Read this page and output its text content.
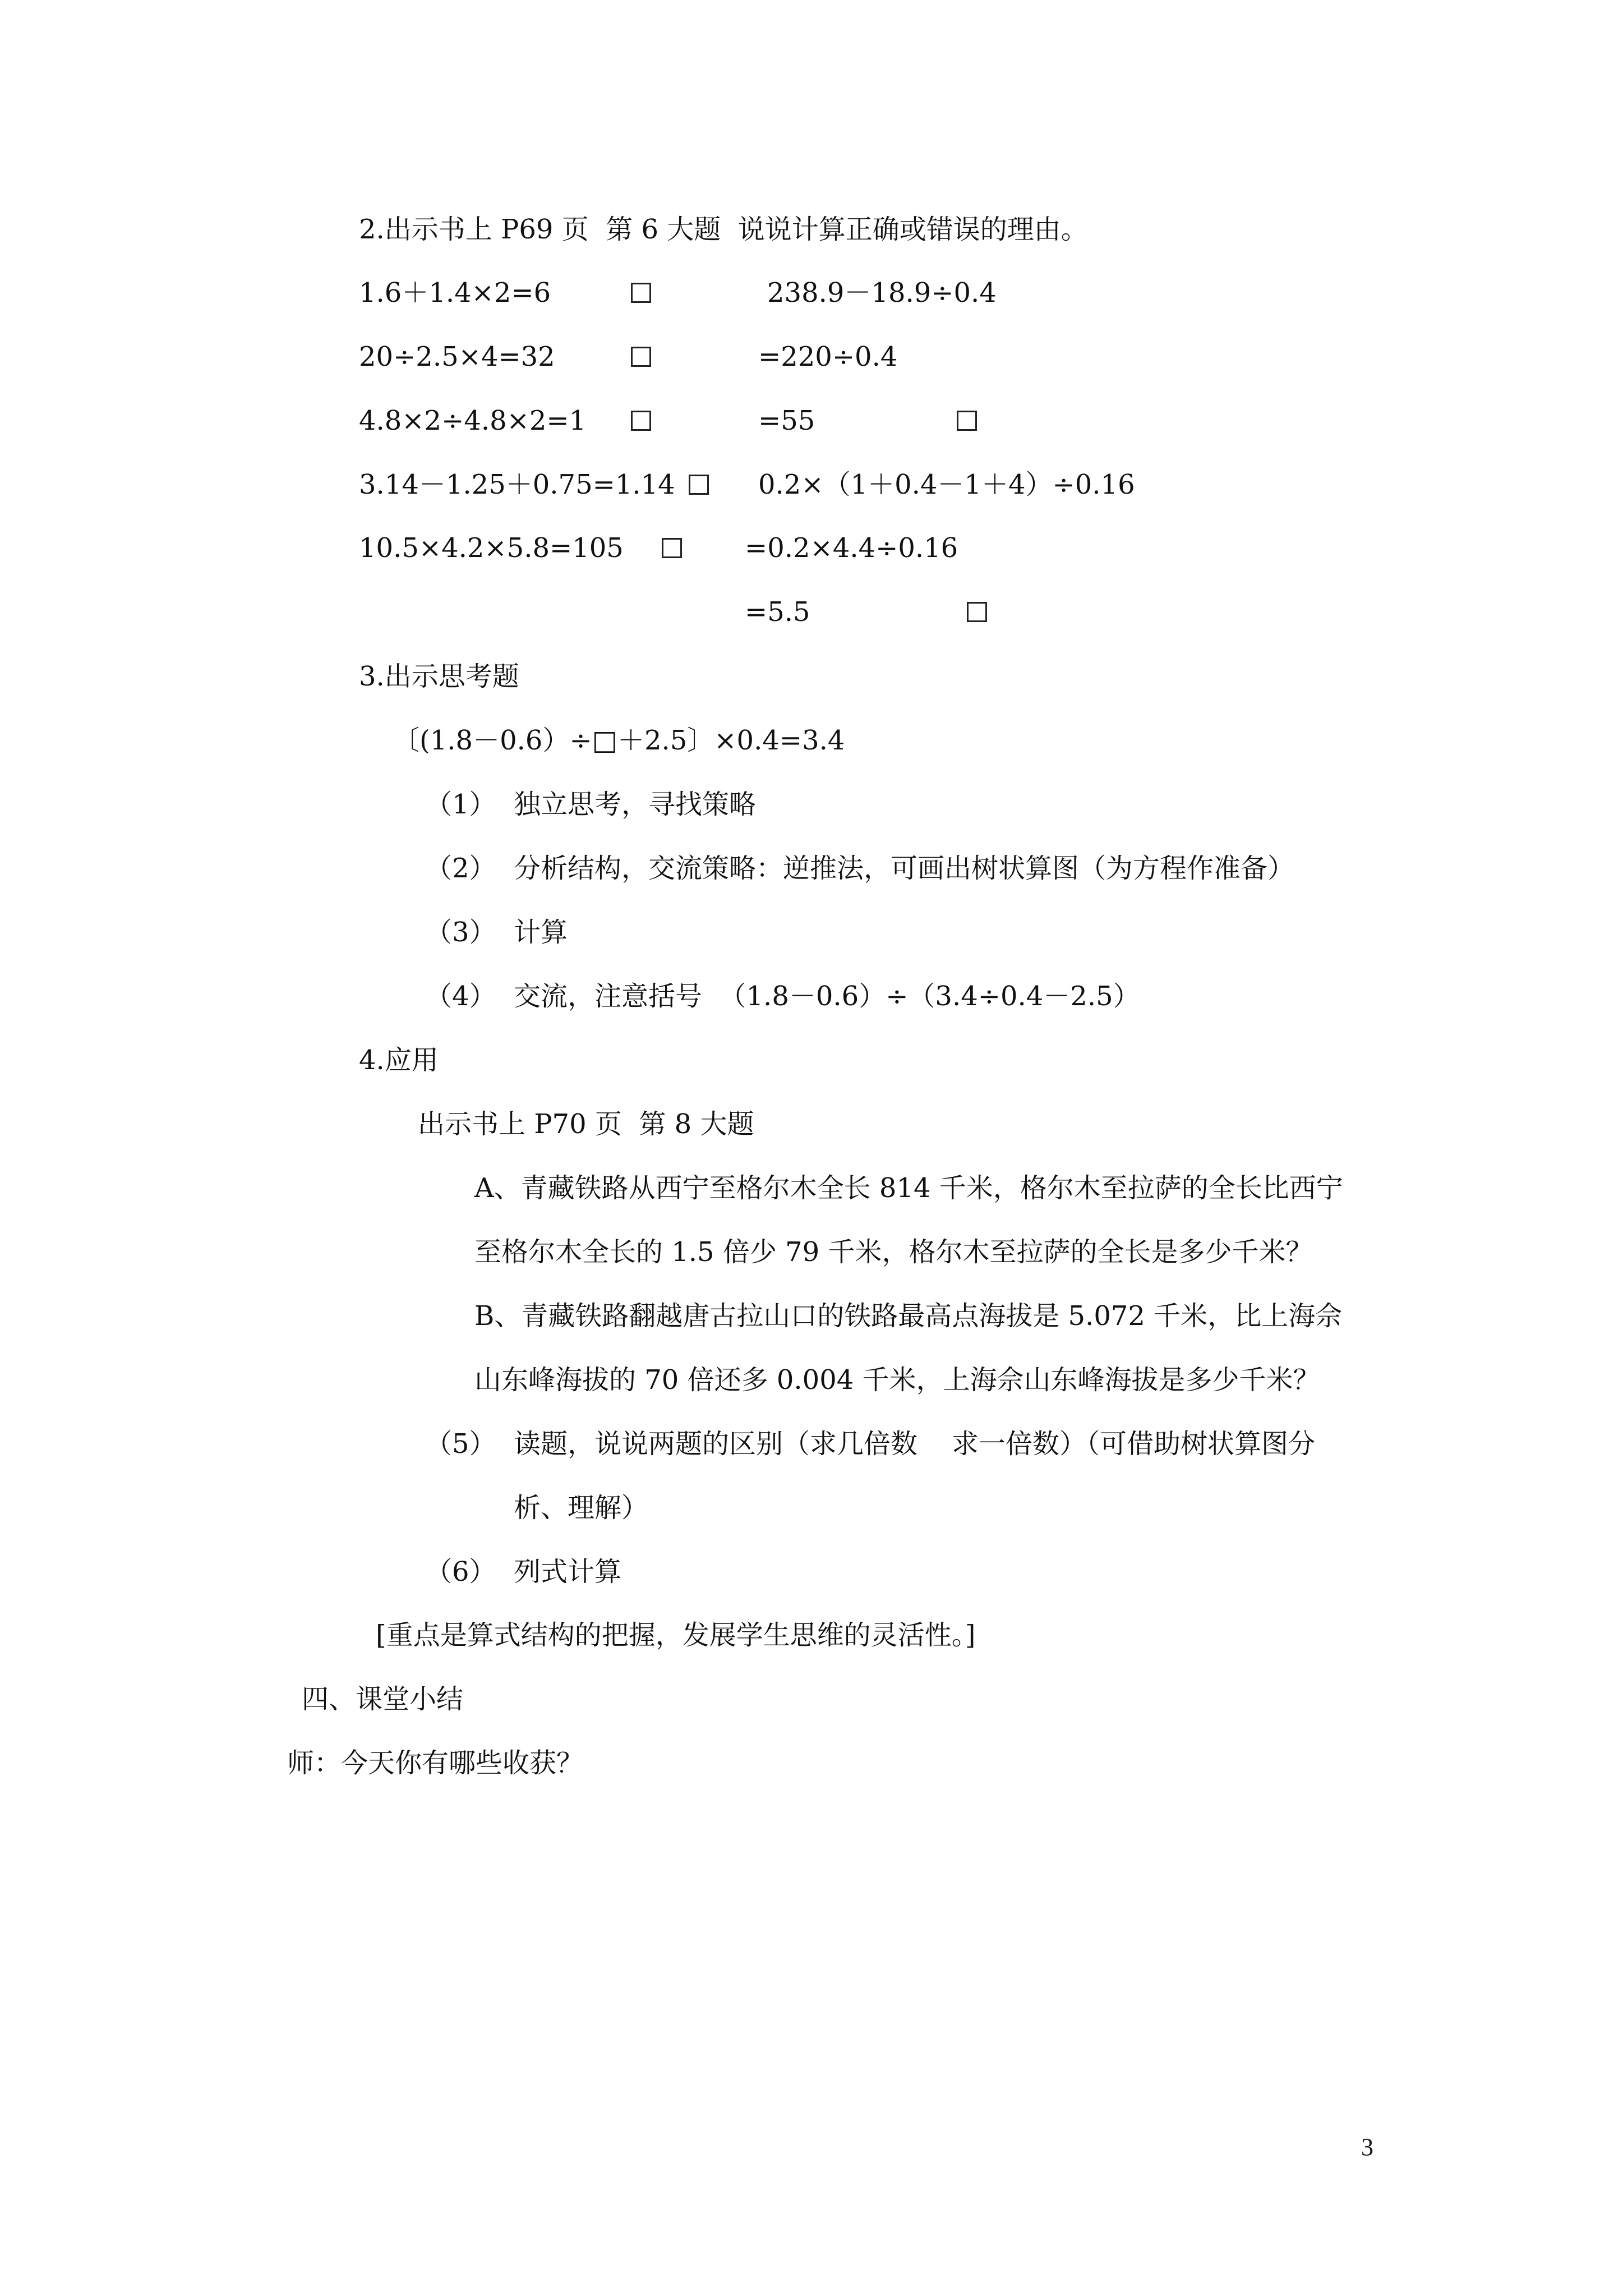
2.出示书上 P69 页  第 6 大题  说说计算正确或错误的理由。
1.6＋1.4×2=6
20÷2.5×4=32
4.8×2÷4.8×2=1
3.14－1.25＋0.75=1.14
10.5×4.2×5.8=105
238.9－18.9÷0.4
=220÷0.4
=55
0.2×（1＋0.4－1＋4）÷0.16
=0.2×4.4÷0.16
=5.5
3.出示思考题
〔(1.8－0.6）÷□＋2.5〕×0.4=3.4
（1） 独立思考，寻找策略
（2） 分析结构，交流策略：逆推法，可画出树状算图（为方程作准备）
（3） 计算
（4） 交流，注意括号  （1.8－0.6）÷（3.4÷0.4－2.5）
4.应用
出示书上 P70 页  第 8 大题
A、青藏铁路从西宁至格尔木全长 814 千米，格尔木至拉萨的全长比西宁
至格尔木全长的 1.5 倍少 79 千米，格尔木至拉萨的全长是多少千米？
B、青藏铁路翻越唐古拉山口的铁路最高点海拔是 5.072 千米，比上海佘
山东峰海拔的 70 倍还多 0.004 千米，上海佘山东峰海拔是多少千米？
（5） 读题，说说两题的区别（求几倍数    求一倍数）（可借助树状算图分
析、理解）
（6） 列式计算
[重点是算式结构的把握，发展学生思维的灵活性。]
四、课堂小结
师：今天你有哪些收获？
3
